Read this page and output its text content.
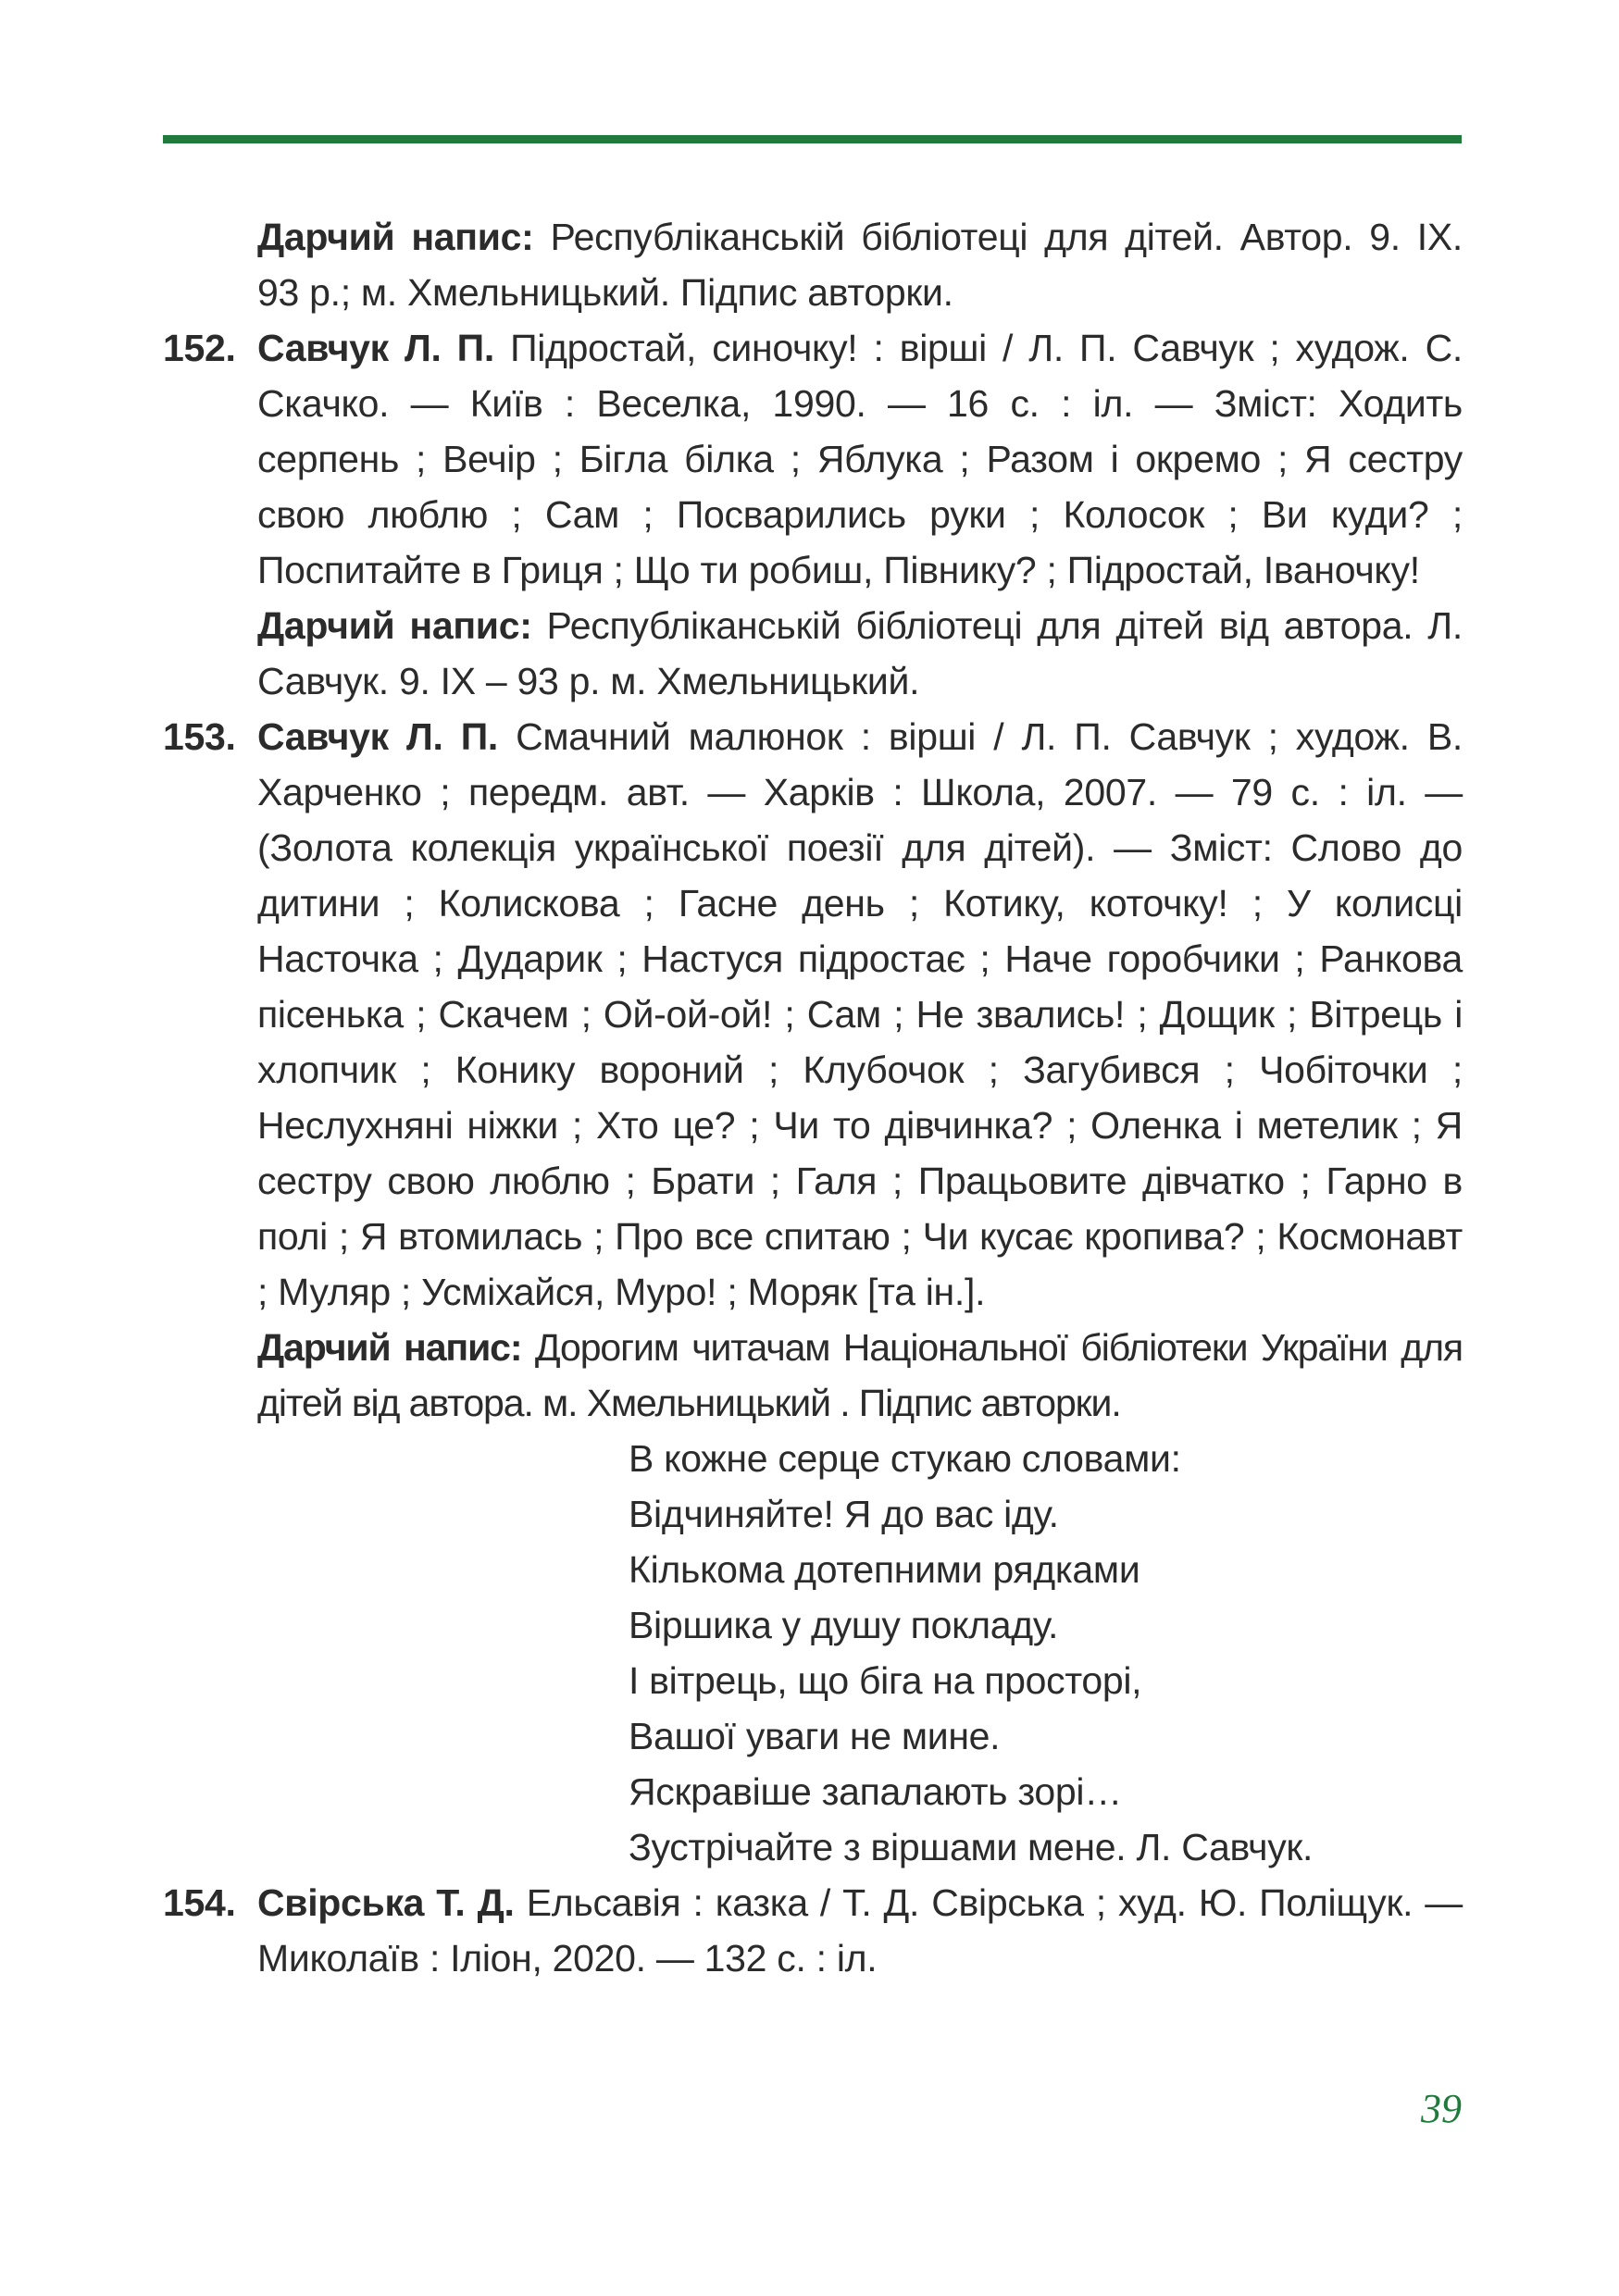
Дарчий напис: Республіканській бібліотеці для дітей. Автор. 9. IX. 93 р.; м. Хмельницький. Підпис авторки.

152. Савчук Л. П. Підростай, синочку! : вірші / Л. П. Савчук ; худож. С. Скачко. — Київ : Веселка, 1990. — 16 с. : іл. — Зміст: Ходить серпень ; Вечір ; Бігла білка ; Яблука ; Разом і окремо ; Я сестру свою люблю ; Сам ; Посварились руки ; Колосок ; Ви куди? ; Поспитайте в Гриця ; Що ти робиш, Півнику? ; Підростай, Іваночку!

Дарчий напис: Республіканській бібліотеці для дітей від автора. Л. Савчук. 9. IX – 93 р. м. Хмельницький.

153. Савчук Л. П. Смачний малюнок : вірші / Л. П. Савчук ; худож. В. Харченко ; передм. авт. — Харків : Школа, 2007. — 79 с. : іл. — (Золота колекція української поезії для дітей). — Зміст: Слово до дитини ; Колискова ; Гасне день ; Котику, коточку! ; У колисці Насточка ; Дударик ; Настуся підростає ; Наче горобчики ; Ранкова пісенька ; Скачем ; Ой-ой-ой! ; Сам ; Не звались! ; Дощик ; Вітрець і хлопчик ; Конику вороний ; Клубочок ; Загубився ; Чобіточки ; Неслухняні ніжки ; Хто це? ; Чи то дівчинка? ; Оленка і метелик ; Я сестру свою люблю ; Брати ; Галя ; Працьовите дівчатко ; Гарно в полі ; Я втомилась ; Про все спитаю ; Чи кусає кропива? ; Космонавт ; Муляр ; Усміхайся, Муро! ; Моряк [та ін.].

Дарчий напис: Дорогим читачам Національної бібліотеки України для дітей від автора. м. Хмельницький . Підпис авторки.

В кожне серце стукаю словами:
Відчиняйте! Я до вас іду.
Кількома дотепними рядками
Віршика у душу покладу.
І вітрець, що біга на просторі,
Вашої уваги не мине.
Яскравіше запалають зорі…
Зустрічайте з віршами мене. Л. Савчук.
154. Свірська Т. Д. Ельсавія : казка / Т. Д. Свірська ; худ. Ю. Поліщук. — Миколаїв : Іліон, 2020. — 132 с. : іл.

39
